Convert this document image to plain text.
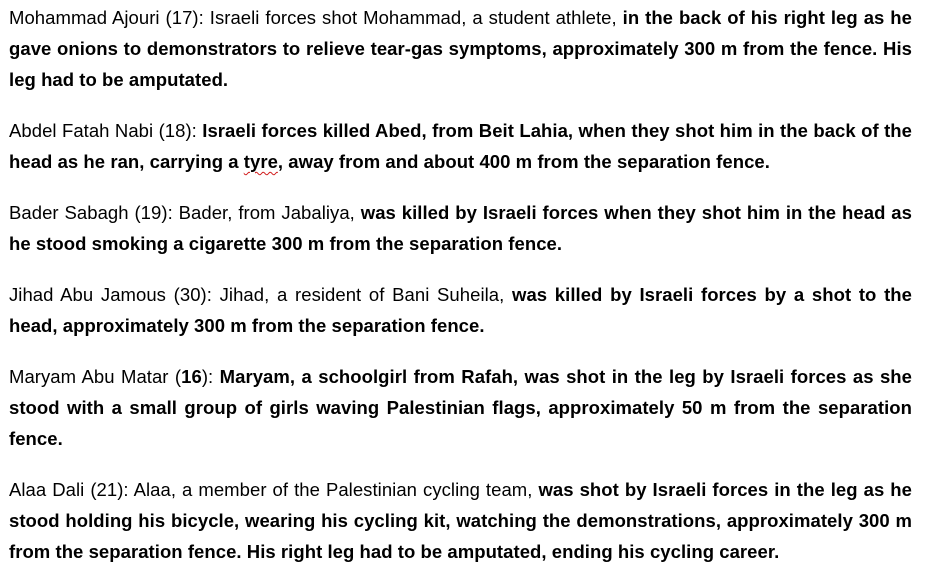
Mohammad Ajouri (17): Israeli forces shot Mohammad, a student athlete, in the back of his right leg as he gave onions to demonstrators to relieve tear-gas symptoms, approximately 300 m from the fence. His leg had to be amputated.

Abdel Fatah Nabi (18): Israeli forces killed Abed, from Beit Lahia, when they shot him in the back of the head as he ran, carrying a tyre, away from and about 400 m from the separation fence.

Bader Sabagh (19): Bader, from Jabaliya, was killed by Israeli forces when they shot him in the head as he stood smoking a cigarette 300 m from the separation fence.

Jihad Abu Jamous (30): Jihad, a resident of Bani Suheila, was killed by Israeli forces by a shot to the head, approximately 300 m from the separation fence.

Maryam Abu Matar (16): Maryam, a schoolgirl from Rafah, was shot in the leg by Israeli forces as she stood with a small group of girls waving Palestinian flags, approximately 50 m from the separation fence.

Alaa Dali (21): Alaa, a member of the Palestinian cycling team, was shot by Israeli forces in the leg as he stood holding his bicycle, wearing his cycling kit, watching the demonstrations, approximately 300 m from the separation fence. His right leg had to be amputated, ending his cycling career.
